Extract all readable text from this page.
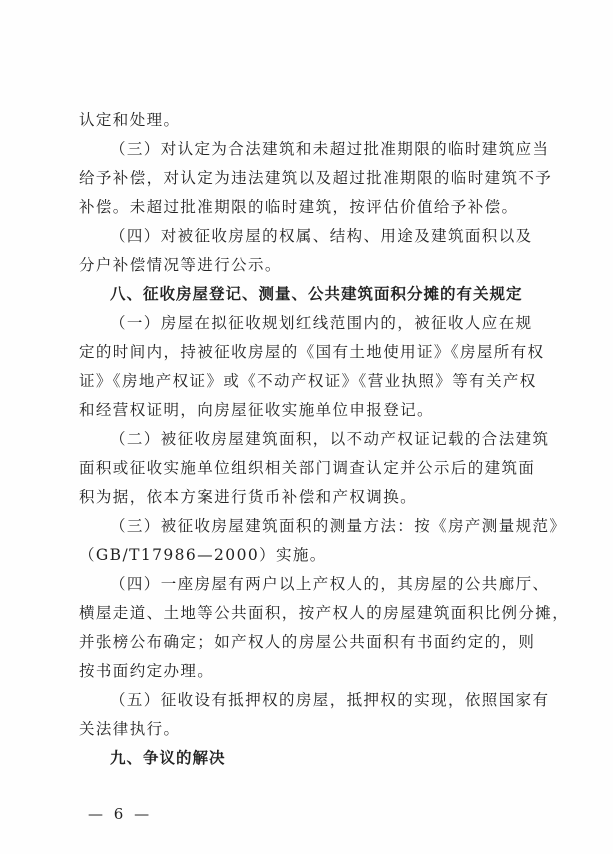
认定和处理。
（三）对认定为合法建筑和未超过批准期限的临时建筑应当
给予补偿，对认定为违法建筑以及超过批准期限的临时建筑不予
补偿。未超过批准期限的临时建筑，按评估价值给予补偿。
（四）对被征收房屋的权属、结构、用途及建筑面积以及
分户补偿情况等进行公示。
八、征收房屋登记、测量、公共建筑面积分摊的有关规定
（一）房屋在拟征收规划红线范围内的，被征收人应在规
定的时间内，持被征收房屋的《国有土地使用证》《房屋所有权
证》《房地产权证》或《不动产权证》《营业执照》等有关产权
和经营权证明，向房屋征收实施单位申报登记。
（二）被征收房屋建筑面积，以不动产权证记载的合法建筑
面积或征收实施单位组织相关部门调查认定并公示后的建筑面
积为据，依本方案进行货币补偿和产权调换。
（三）被征收房屋建筑面积的测量方法：按《房产测量规范》
（GB/T17986—2000）实施。
（四）一座房屋有两户以上产权人的，其房屋的公共廊厅、
横屋走道、土地等公共面积，按产权人的房屋建筑面积比例分摊，
并张榜公布确定；如产权人的房屋公共面积有书面约定的，则
按书面约定办理。
（五）征收设有抵押权的房屋，抵押权的实现，依照国家有
关法律执行。
九、争议的解决
— 6 —
